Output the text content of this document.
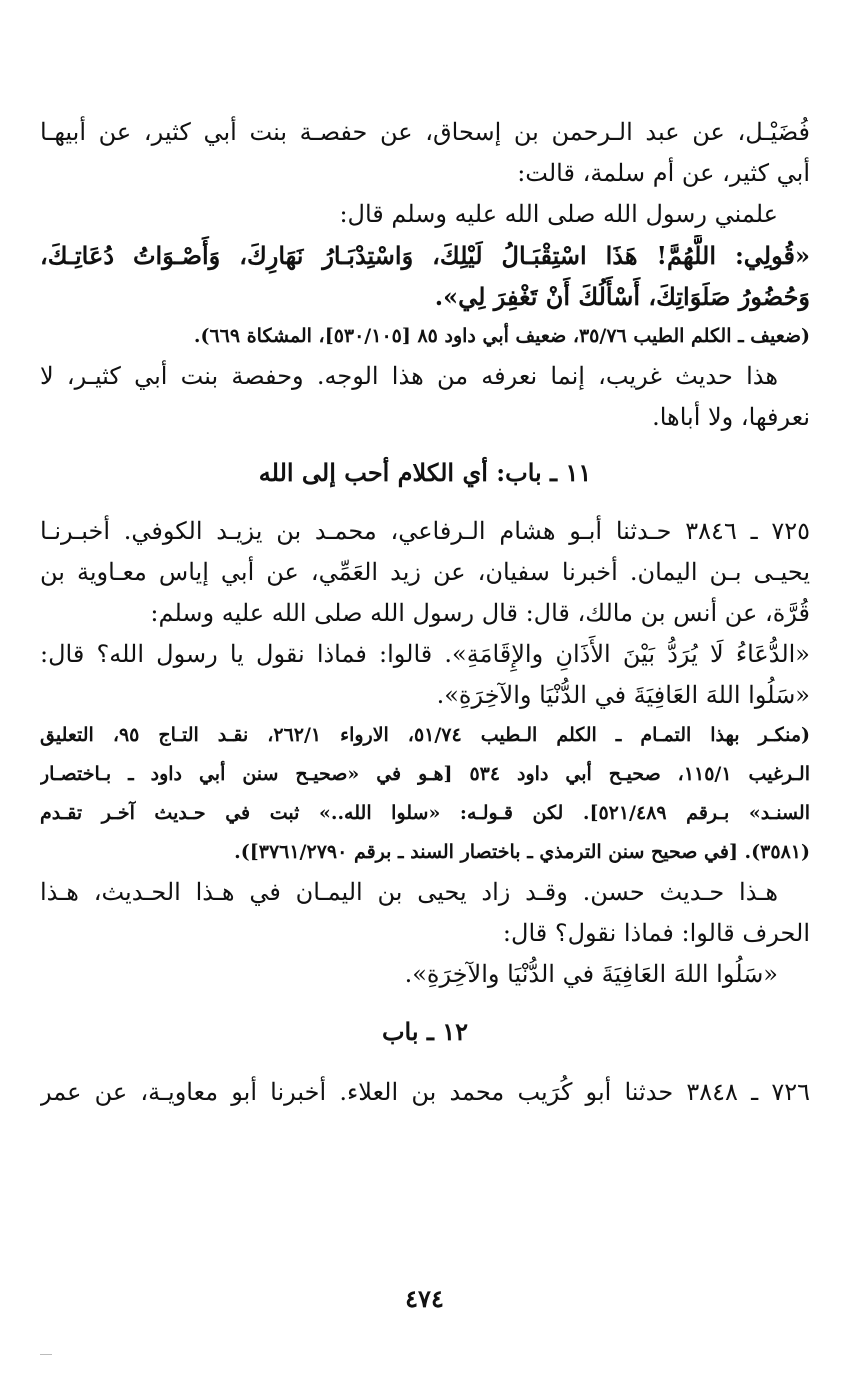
فُضَيْـل، عن عبد الـرحمن بن إسحاق، عن حفصـة بنت أبي كثير، عن أبيهـا
أبي كثير، عن أم سلمة، قالت:
علمني رسول الله صلى الله عليه وسلم قال:
«قُولِي: اللَّهُمَّ! هَذَا اسْتِقْبَـالُ لَيْلِكَ، وَاسْتِدْبَـارُ نَهَارِكَ، وَأَصْـوَاتُ دُعَاتِـكَ،
وَحُضُورُ صَلَوَاتِكَ، أَسْأَلُكَ أَنْ تَغْفِرَ لِي».
(ضعيف ـ الكلم الطيب ٣٥/٧٦، ضعيف أبي داود ٨٥ [٥٣٠/١٠٥]، المشكاة ٦٦٩).
هذا حديث غريب، إنما نعرفه من هذا الوجه. وحفصة بنت أبي كثيـر، لا
نعرفها، ولا أباها.
١١ ـ باب: أي الكلام أحب إلى الله
٧٢٥ ـ ٣٨٤٦ حـدثنا أبـو هشام الـرفاعي، محمـد بن يزيـد الكوفي. أخبـرنـا
يحيـى بـن اليمان. أخبرنا سفيان، عن زيد العَمِّي، عن أبي إياس معـاوية بن
قُرَّة، عن أنس بن مالك، قال: قال رسول الله صلى الله عليه وسلم:
«الدُّعَاءُ لَا يُرَدُّ بَيْنَ الأَذَانِ والإِقَامَةِ». قالوا: فماذا نقول يا رسول الله؟ قال:
«سَلُوا اللهَ العَافِيَةَ في الدُّنْيَا والآخِرَةِ».
(منكـر بهذا التمـام ـ الكلم الـطيب ٥١/٧٤، الارواء ٢٦٢/١، نقـد التـاج ٩٥، التعليق
الـرغيب ١١٥/١، صحيـح أبي داود ٥٣٤ [هـو في «صحيـح سنن أبي داود ـ بـاختصـار
السنـد» بـرقم ٥٢١/٤٨٩]. لكن قـولـه: «سلوا الله..» ثبت في حـديث آخـر تقـدم
(٣٥٨١). [في صحيح سنن الترمذي ـ باختصار السند ـ برقم ٣٧٦١/٢٧٩٠]).
هـذا حـديث حسن. وقـد زاد يحيى بن اليمـان في هـذا الحـديث، هـذا
الحرف قالوا: فماذا نقول؟ قال:
«سَلُوا اللهَ العَافِيَةَ في الدُّنْيَا والآخِرَةِ».
١٢ ـ باب
٧٢٦ ـ ٣٨٤٨ حدثنا أبو كُرَيب محمد بن العلاء. أخبرنا أبو معاويـة، عن عمر
٤٧٤
